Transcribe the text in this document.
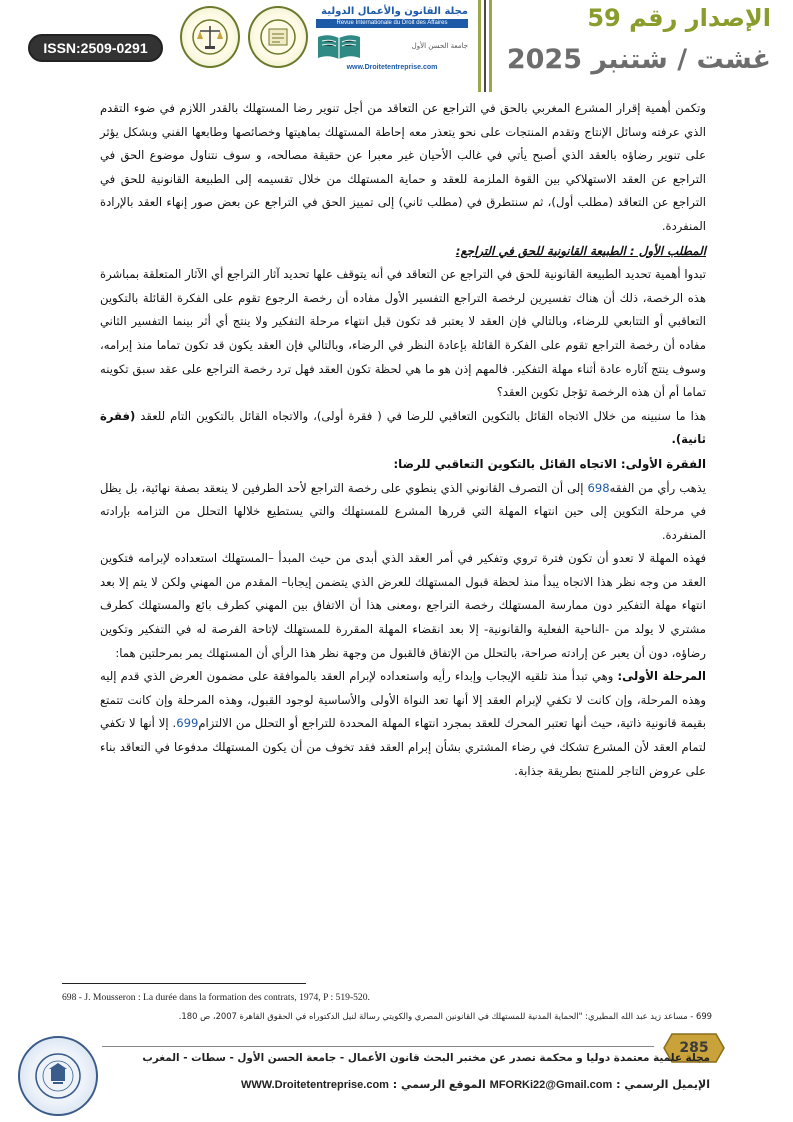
ISSN:2509-0291
مجلة القانون والأعمال الدولية
Revue Internationale du Droit des Affaires
جامعة الحسن الأول
www.Droitetentreprise.com
الإصدار رقم 59
غشت / شتنبر 2025

وتكمن أهمية إقرار المشرع المغربي بالحق في التراجع عن التعاقد من أجل تنوير رضا المستهلك بالقدر اللازم في ضوء التقدم الذي عرفته وسائل الإنتاج وتقدم المنتجات على نحو يتعذر معه إحاطة المستهلك بماهيتها وخصائصها وطابعها الفني وبشكل يؤثر على تنوير رضاؤه بالعقد الذي أصبح يأتي في غالب الأحيان غير معبرا عن حقيقة مصالحه، و سوف نتناول موضوع الحق في التراجع عن العقد الاستهلاكي بين القوة الملزمة للعقد و حماية المستهلك من خلال تقسيمه إلى الطبيعة القانونية للحق في التراجع عن التعاقد (مطلب أول)، ثم سنتطرق في (مطلب ثاني) إلى تمييز الحق في التراجع عن بعض صور إنهاء العقد بالإرادة المنفردة.

المطلب الأول : الطبيعة القانونية للحق في التراجع:

تبدوا أهمية تحديد الطبيعة القانونية للحق في التراجع عن التعاقد في أنه يتوقف علها تحديد آثار التراجع أي الآثار المتعلقة بمباشرة هذه الرخصة، ذلك أن هناك تفسيرين لرخصة التراجع التفسير الأول مفاده أن رخصة الرجوع تقوم على الفكرة القائلة بالتكوين التعاقبي أو التتابعي للرضاء، وبالتالي فإن العقد لا يعتبر قد تكون قبل انتهاء مرحلة التفكير ولا ينتج أي أثر بينما التفسير الثاني مفاده أن رخصة التراجع تقوم على الفكرة القائلة بإعادة النظر في الرضاء، وبالتالي فإن العقد يكون قد تكون تماما منذ إبرامه، وسوف ينتج آثاره عادة أثناء مهلة التفكير. فالمهم إذن هو ما هي لحظة تكون العقد فهل ترد رخصة التراجع على عقد سبق تكوينه تماما أم أن هذه الرخصة تؤجل تكوين العقد؟

هذا ما سنبينه من خلال الاتجاه القائل بالتكوين التعاقبي للرضا في ( فقرة أولى)، والاتجاه القائل بالتكوين التام للعقد (فقرة ثانية).

الفقرة الأولى: الاتجاه القائل بالتكوين التعاقبي للرضا:

يذهب رأي من الفقه698 إلى أن التصرف القانوني الذي ينطوي على رخصة التراجع لأحد الطرفين لا ينعقد بصفة نهائية، بل يظل في مرحلة التكوين إلى حين انتهاء المهلة التي قررها المشرع للمستهلك والتي يستطيع خلالها التحلل من التزامه بإرادته المنفردة.

فهذه المهلة لا تعدو أن تكون فترة تروي وتفكير في أمر العقد الذي أبدى من حيث المبدأ –المستهلك استعداده لإبرامه فتكوين العقد من وجه نظر هذا الاتجاه يبدأ منذ لحظة قبول المستهلك للعرض الذي يتضمن إيجابا– المقدم من المهني ولكن لا يتم إلا بعد انتهاء مهلة التفكير دون ممارسة المستهلك رخصة التراجع ،ومعنى هذا أن الاتفاق بين المهني كطرف بائع والمستهلك كطرف مشتري لا يولد من -الناحية الفعلية والقانونية- إلا بعد انقضاء المهلة المقررة للمستهلك لإتاحة الفرصة له في التفكير وتكوين رضاؤه، دون أن يعبر عن إرادته صراحة، بالتحلل من الإتفاق فالقبول من وجهة نظر هذا الرأي أن المستهلك يمر بمرحلتين هما:

المرحلة الأولى: وهي تبدأ منذ تلقيه الإيجاب وإبداء رأيه واستعداده لإبرام العقد بالموافقة على مضمون العرض الذي قدم إليه وهذه المرحلة، وإن كانت لا تكفي لإبرام العقد إلا أنها تعد النواة الأولى والأساسية لوجود القبول، وهذه المرحلة وإن كانت تتمتع بقيمة قانونية ذاتية، حيث أنها تعتبر المحرك للعقد بمجرد انتهاء المهلة المحددة للتراجع أو التحلل من الالتزام699. إلا أنها لا تكفي لتمام العقد لأن المشرع تشكك في رضاء المشتري بشأن إبرام العقد فقد تخوف من أن يكون المستهلك مدفوعا في التعاقد بناء على عروض التاجر للمنتج بطريقة جذابة.

698 - J. Mousseron : La durée dans la formation des contrats, 1974, P : 519-520.
699 - مساعد زيد عبد الله المطيري: "الحماية المدنية للمستهلك في القانونين المصري والكويتي رسالة لنيل الدكتوراه في الحقوق القاهرة 2007، ص 180.
285
مجلة علمية معتمدة دوليا و محكمة تصدر عن مختبر البحث قانون الأعمال - جامعة الحسن الأول - سطات - المغرب
الإيميل الرسمي : MFORKi22@Gmail.com الموقع الرسمي : WWW.Droitetentreprise.com
